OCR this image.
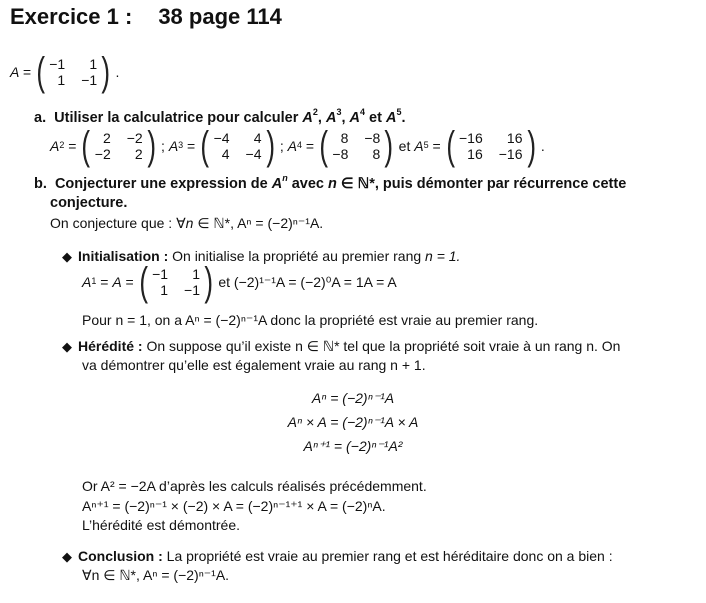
Exercice 1 : 38 page 114
A = ( −1	1
1 −1 ) .
a. Utiliser la calculatrice pour calculer $A^2$, $A^3$, $A^4$ et $A^5$.
$A^2$ = ( 2 −2
−2	2 ) ;
$A^3$ = ( −4	4
4 −4 ) ;
$A^4$ = ( 8 −8
−8	8 ) et
$A^5$ = ( −16	16
16 −16 ) .
b. Conjecturer une expression de $A^n$ avec n ∈ ℕ*, puis démonter par récurrence cette
conjecture.
On conjecture que : ∀n ∈ ℕ*, Aⁿ = (−2)ⁿ⁻¹A.
◆ Initialisation : On initialise la propriété au premier rang n = 1.
$A^1 = A$ = ( −1	1
1 −1 ) et (−2)¹⁻¹A = (−2)⁰A = 1A = A
Pour n = 1, on a Aⁿ = (−2)ⁿ⁻¹A donc la propriété est vraie au premier rang.
◆ Hérédité : On suppose qu’il existe n ∈ ℕ* tel que la propriété soit vraie à un rang n. On
va démontrer qu’elle est également vraie au rang n + 1.
Aⁿ = (−2)ⁿ⁻¹A
Aⁿ × A = (−2)ⁿ⁻¹A × A
Aⁿ⁺¹ = (−2)ⁿ⁻¹A²
Or A² = −2A d’après les calculs réalisés précédemment.
Aⁿ⁺¹ = (−2)ⁿ⁻¹ × (−2) × A = (−2)ⁿ⁻¹⁺¹ × A = (−2)ⁿA.
L’hérédité est démontrée.
◆ Conclusion : La propriété est vraie au premier rang et est héréditaire donc on a bien :
∀n ∈ ℕ*, Aⁿ = (−2)ⁿ⁻¹A.
